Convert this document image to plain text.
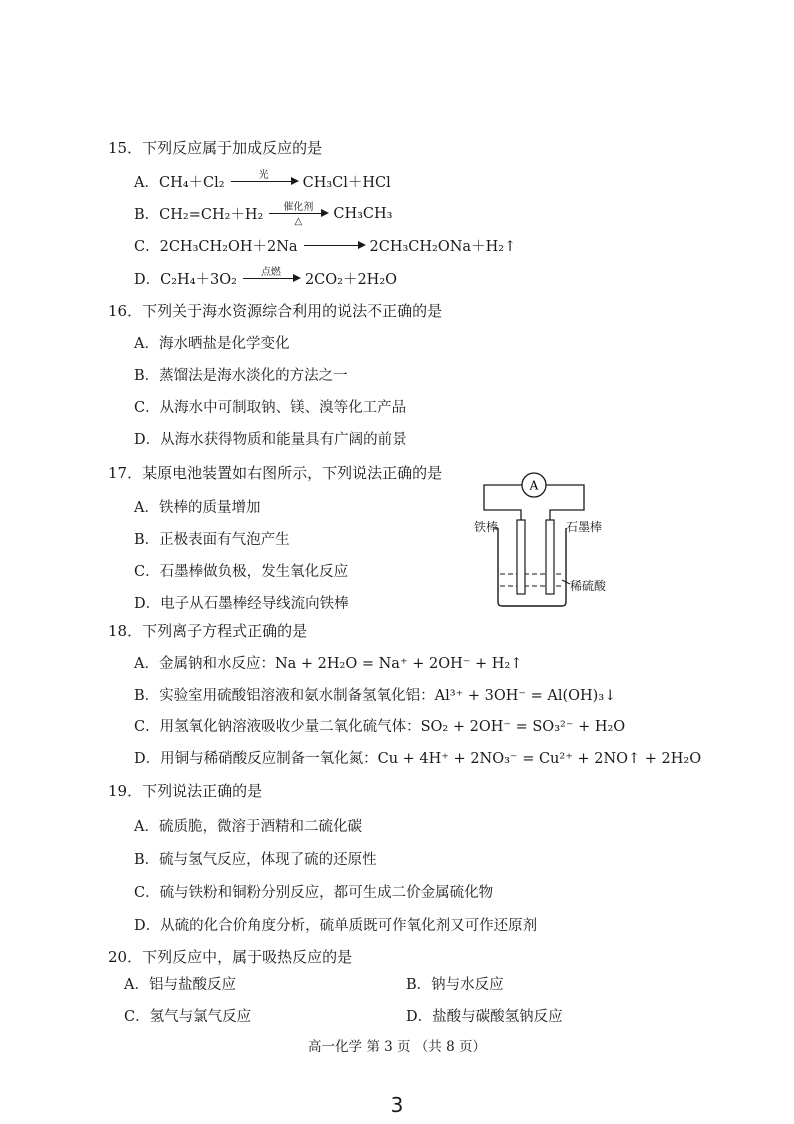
15．下列反应属于加成反应的是
A． CH₄＋Cl₂	光	CH₃Cl＋HCl
B． CH₂=CH₂＋H₂	催化剂
△	CH₃CH₃
C． 2CH₃CH₂OH＋2Na	2CH₃CH₂ONa＋H₂↑
D． C₂H₄＋3O₂	点燃	2CO₂＋2H₂O
16．下列关于海水资源综合利用的说法不正确的是
A．海水晒盐是化学变化
B．蒸馏法是海水淡化的方法之一
C．从海水中可制取钠、镁、溴等化工产品
D．从海水获得物质和能量具有广阔的前景
17．某原电池装置如右图所示，下列说法正确的是
A．铁棒的质量增加
B．正极表面有气泡产生
C．石墨棒做负极，发生氧化反应
D．电子从石墨棒经导线流向铁棒
A
铁棒	石墨棒
稀硫酸
18．下列离子方程式正确的是
A．金属钠和水反应：Na + 2H₂O = Na⁺ + 2OH⁻ + H₂↑
B．实验室用硫酸铝溶液和氨水制备氢氧化铝：Al³⁺ + 3OH⁻ = Al(OH)₃↓
C．用氢氧化钠溶液吸收少量二氧化硫气体：SO₂ + 2OH⁻ = SO₃²⁻ + H₂O
D．用铜与稀硝酸反应制备一氧化氮：Cu + 4H⁺ + 2NO₃⁻ = Cu²⁺ + 2NO↑ + 2H₂O
19．下列说法正确的是
A．硫质脆，微溶于酒精和二硫化碳
B．硫与氢气反应，体现了硫的还原性
C．硫与铁粉和铜粉分别反应，都可生成二价金属硫化物
D．从硫的化合价角度分析，硫单质既可作氧化剂又可作还原剂
20．下列反应中，属于吸热反应的是
A．铝与盐酸反应	B．钠与水反应
C．氢气与氯气反应	D．盐酸与碳酸氢钠反应
高一化学 第 3 页 （共 8 页）
3
